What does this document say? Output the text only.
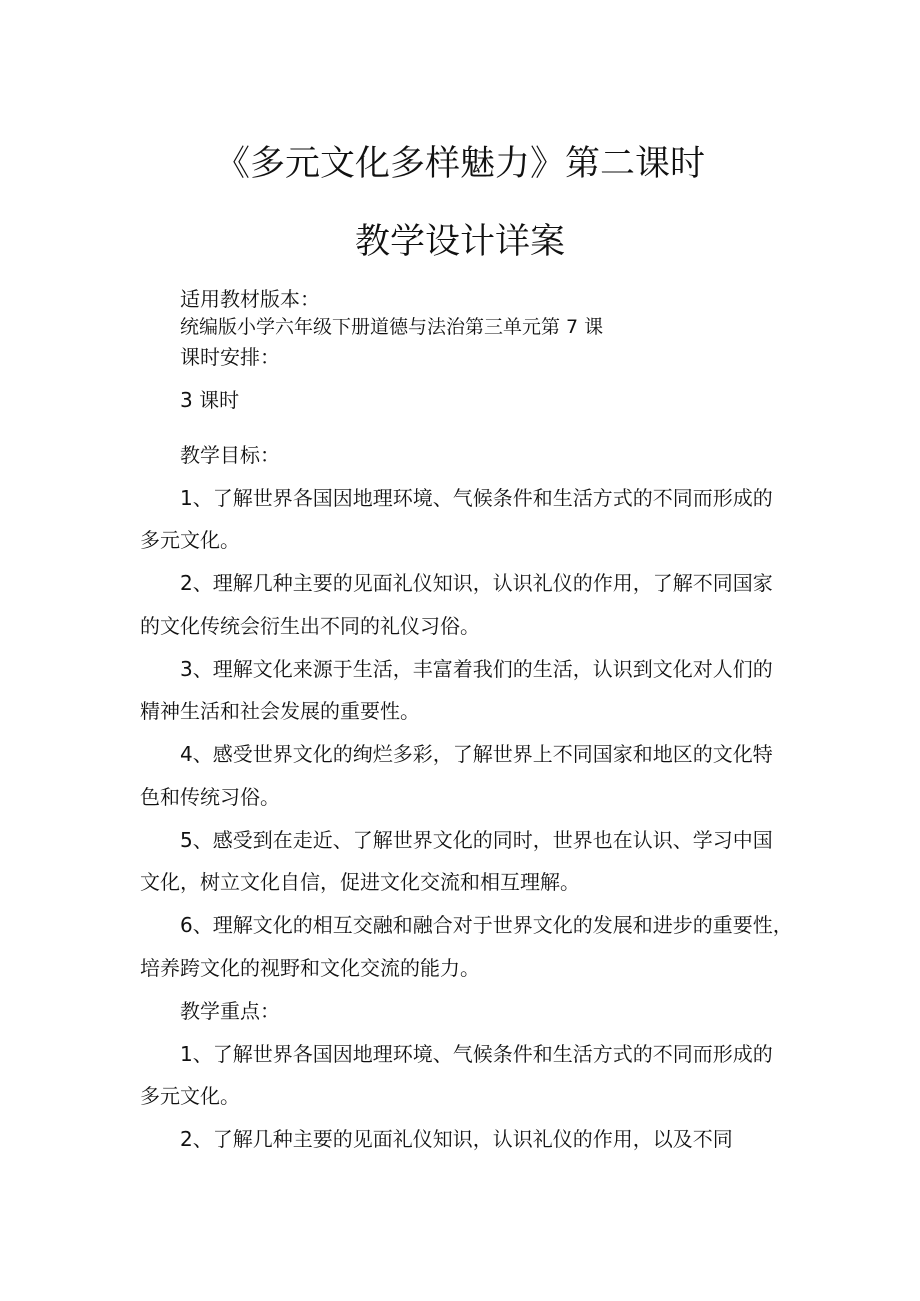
《多元文化多样魅力》第二课时
教学设计详案

适用教材版本：

统编版小学六年级下册道德与法治第三单元第 7 课

课时安排：

3 课时

教学目标：

1、了解世界各国因地理环境、气候条件和生活方式的不同而形成的

多元文化。

2、理解几种主要的见面礼仪知识，认识礼仪的作用，了解不同国家

的文化传统会衍生出不同的礼仪习俗。

3、理解文化来源于生活，丰富着我们的生活，认识到文化对人们的

精神生活和社会发展的重要性。

4、感受世界文化的绚烂多彩，了解世界上不同国家和地区的文化特

色和传统习俗。

5、感受到在走近、了解世界文化的同时，世界也在认识、学习中国

文化，树立文化自信，促进文化交流和相互理解。

6、理解文化的相互交融和融合对于世界文化的发展和进步的重要性，

培养跨文化的视野和文化交流的能力。

教学重点：

1、了解世界各国因地理环境、气候条件和生活方式的不同而形成的

多元文化。

2、了解几种主要的见面礼仪知识，认识礼仪的作用，以及不同
